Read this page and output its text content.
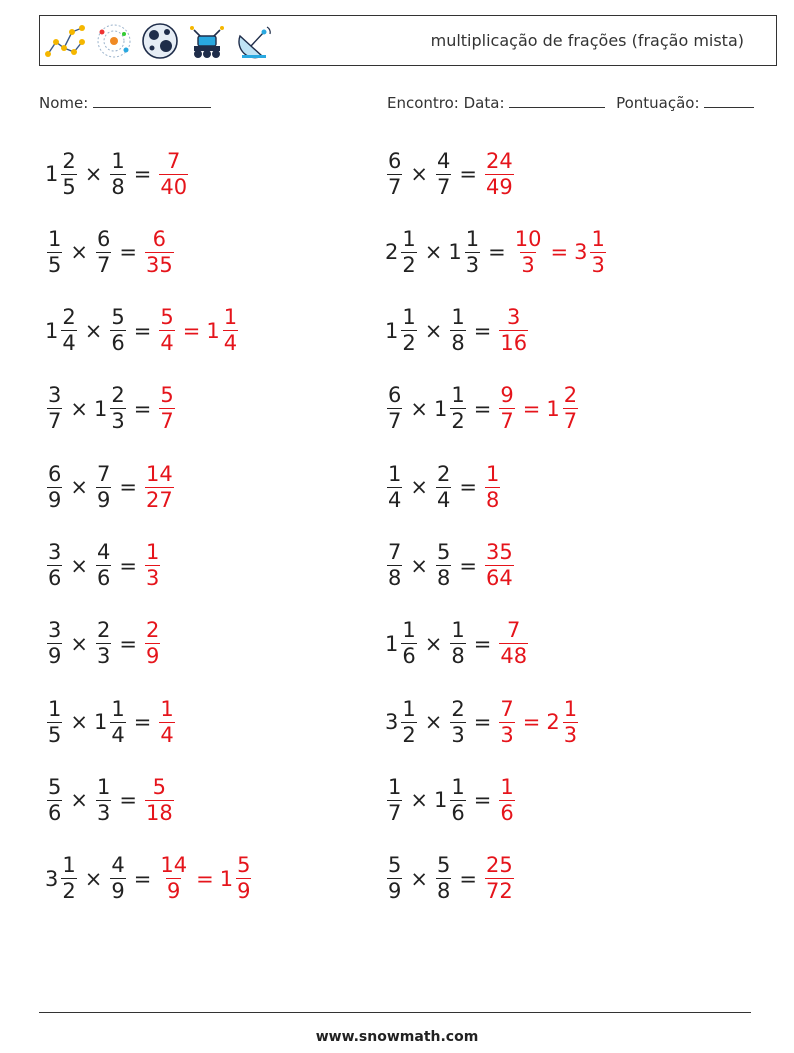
multiplicação de frações (fração mista)
Nome:	Encontro: Data:	Pontuação:
$1 \frac{2}{5} \times \frac{1}{8} = \frac{7}{40}$	$\frac{6}{7} \times \frac{4}{7} = \frac{24}{49}$
$\frac{1}{5} \times \frac{6}{7} = \frac{6}{35}$	$2 \frac{1}{2} \times 1 \frac{1}{3} = \frac{10}{3} = 3 \frac{1}{3}$
$1 \frac{2}{4} \times \frac{5}{6} = \frac{5}{4} = 1 \frac{1}{4}$	$1 \frac{1}{2} \times \frac{1}{8} = \frac{3}{16}$
$\frac{3}{7} \times 1 \frac{2}{3} = \frac{5}{7}$	$\frac{6}{7} \times 1 \frac{1}{2} = \frac{9}{7} = 1 \frac{2}{7}$
$\frac{6}{9} \times \frac{7}{9} = \frac{14}{27}$	$\frac{1}{4} \times \frac{2}{4} = \frac{1}{8}$
$\frac{3}{6} \times \frac{4}{6} = \frac{1}{3}$	$\frac{7}{8} \times \frac{5}{8} = \frac{35}{64}$
$\frac{3}{9} \times \frac{2}{3} = \frac{2}{9}$	$1 \frac{1}{6} \times \frac{1}{8} = \frac{7}{48}$
$\frac{1}{5} \times 1 \frac{1}{4} = \frac{1}{4}$	$3 \frac{1}{2} \times \frac{2}{3} = \frac{7}{3} = 2 \frac{1}{3}$
$\frac{5}{6} \times \frac{1}{3} = \frac{5}{18}$	$\frac{1}{7} \times 1 \frac{1}{6} = \frac{1}{6}$
$3 \frac{1}{2} \times \frac{4}{9} = \frac{14}{9} = 1 \frac{5}{9}$	$\frac{5}{9} \times \frac{5}{8} = \frac{25}{72}$
www.snowmath.com
